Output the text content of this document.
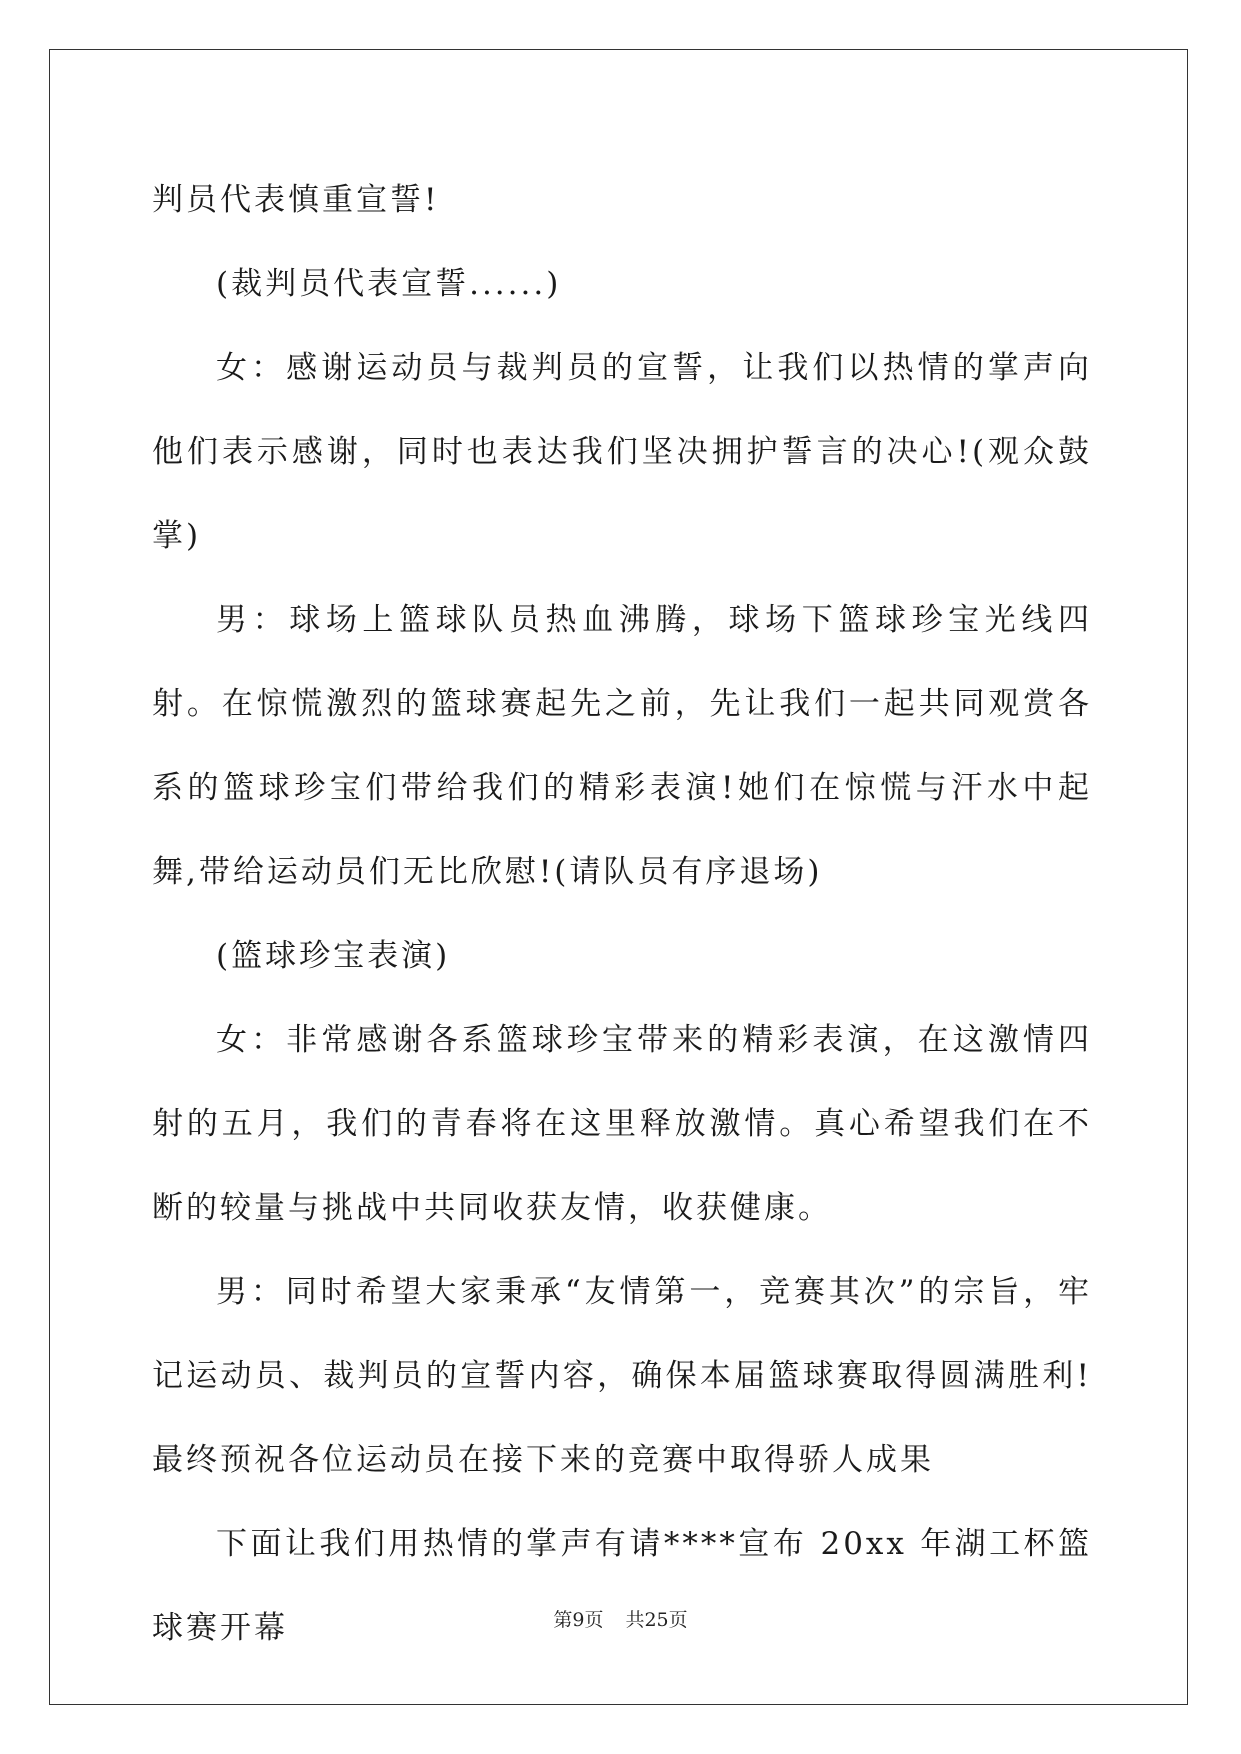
判员代表慎重宣誓!

(裁判员代表宣誓......)

女：感谢运动员与裁判员的宣誓，让我们以热情的掌声向他们表示感谢，同时也表达我们坚决拥护誓言的决心!(观众鼓掌)

男：球场上篮球队员热血沸腾，球场下篮球珍宝光线四射。在惊慌激烈的篮球赛起先之前，先让我们一起共同观赏各系的篮球珍宝们带给我们的精彩表演!她们在惊慌与汗水中起舞,带给运动员们无比欣慰!(请队员有序退场)

(篮球珍宝表演)

女：非常感谢各系篮球珍宝带来的精彩表演，在这激情四射的五月，我们的青春将在这里释放激情。真心希望我们在不断的较量与挑战中共同收获友情，收获健康。

男：同时希望大家秉承“友情第一，竞赛其次”的宗旨，牢记运动员、裁判员的宣誓内容，确保本届篮球赛取得圆满胜利!最终预祝各位运动员在接下来的竞赛中取得骄人成果

下面让我们用热情的掌声有请****宣布 20xx 年湖工杯篮球赛开幕	第9页 共25页
